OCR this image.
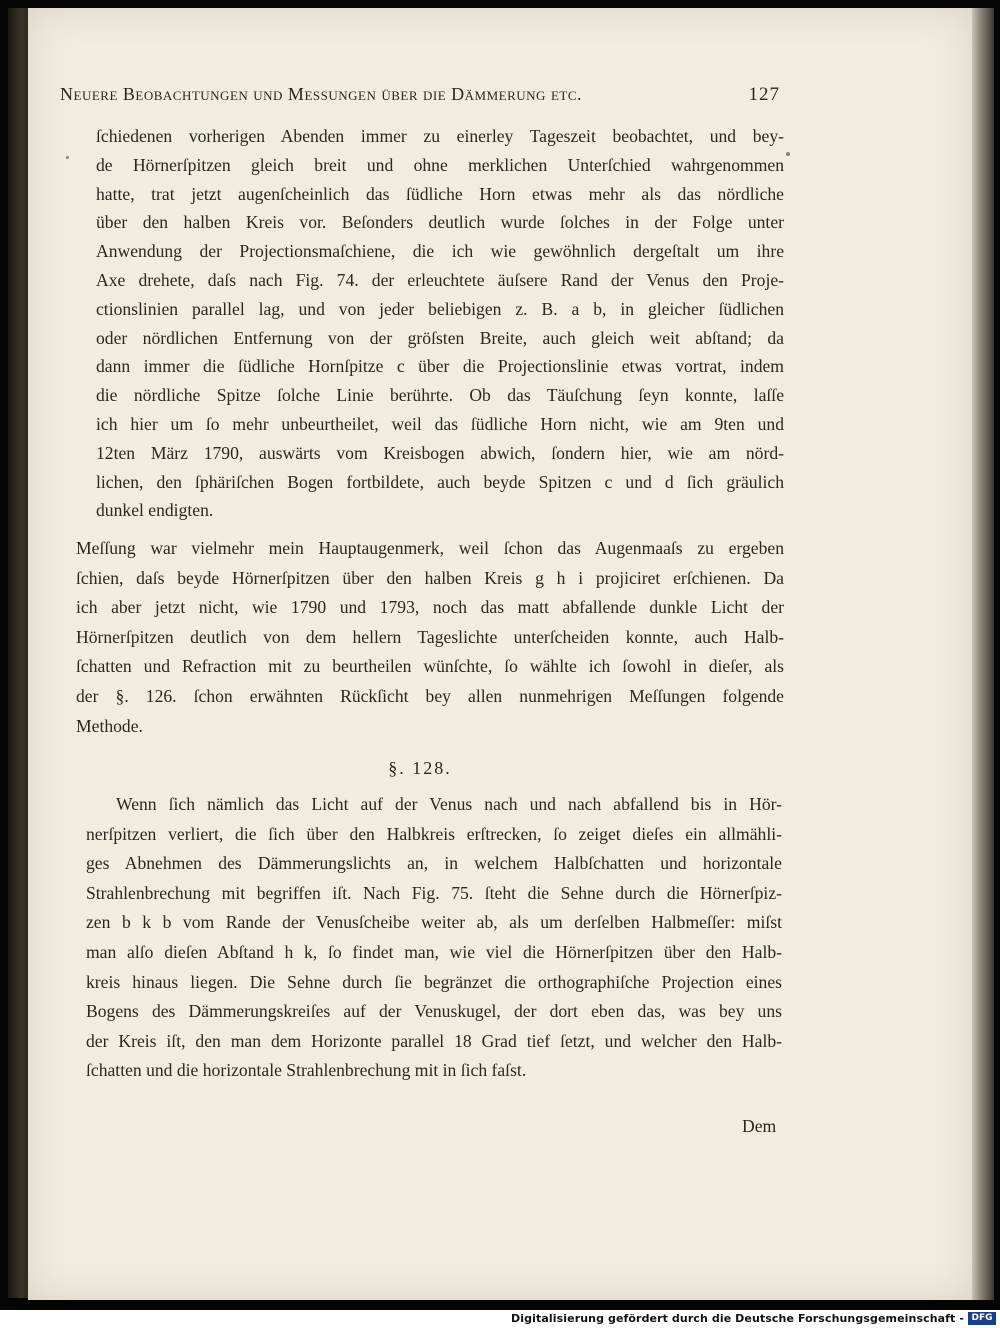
Neuere Beobachtungen und Messungen über die Dämmerung etc.	127
ſchiedenen vorherigen Abenden immer zu einerley Tageszeit beobachtet, und bey-
de Hörnerſpitzen gleich breit und ohne merklichen Unterſchied wahrgenommen
hatte, trat jetzt augenſcheinlich das ſüdliche Horn etwas mehr als das nördliche
über den halben Kreis vor. Beſonders deutlich wurde ſolches in der Folge unter
Anwendung der Projectionsmaſchiene, die ich wie gewöhnlich dergeſtalt um ihre
Axe drehete, daſs nach Fig. 74. der erleuchtete äuſsere Rand der Venus den Proje-
ctionslinien parallel lag, und von jeder beliebigen z. B. a b, in gleicher ſüdlichen
oder nördlichen Entfernung von der gröſsten Breite, auch gleich weit abſtand; da
dann immer die ſüdliche Hornſpitze c über die Projectionslinie etwas vortrat, indem
die nördliche Spitze ſolche Linie berührte. Ob das Täuſchung ſeyn konnte, laſſe
ich hier um ſo mehr unbeurtheilet, weil das ſüdliche Horn nicht, wie am 9ten und
12ten März 1790, auswärts vom Kreisbogen abwich, ſondern hier, wie am nörd-
lichen, den ſphäriſchen Bogen fortbildete, auch beyde Spitzen c und d ſich gräulich
dunkel endigten.
Meſſung war vielmehr mein Hauptaugenmerk, weil ſchon das Augenmaaſs zu ergeben
ſchien, daſs beyde Hörnerſpitzen über den halben Kreis g h i projiciret erſchienen. Da
ich aber jetzt nicht, wie 1790 und 1793, noch das matt abfallende dunkle Licht der
Hörnerſpitzen deutlich von dem hellern Tageslichte unterſcheiden konnte, auch Halb-
ſchatten und Refraction mit zu beurtheilen wünſchte, ſo wählte ich ſowohl in dieſer, als
der §. 126. ſchon erwähnten Rückſicht bey allen nunmehrigen Meſſungen folgende
Methode.
§. 128.
Wenn ſich nämlich das Licht auf der Venus nach und nach abfallend bis in Hör-
nerſpitzen verliert, die ſich über den Halbkreis erſtrecken, ſo zeiget dieſes ein allmähli-
ges Abnehmen des Dämmerungslichts an, in welchem Halbſchatten und horizontale
Strahlenbrechung mit begriffen iſt. Nach Fig. 75. ſteht die Sehne durch die Hörnerſpiz-
zen b k b vom Rande der Venusſcheibe weiter ab, als um derſelben Halbmeſſer: miſst
man alſo dieſen Abſtand h k, ſo findet man, wie viel die Hörnerſpitzen über den Halb-
kreis hinaus liegen. Die Sehne durch ſie begränzet die orthographiſche Projection eines
Bogens des Dämmerungskreiſes auf der Venuskugel, der dort eben das, was bey uns
der Kreis iſt, den man dem Horizonte parallel 18 Grad tief ſetzt, und welcher den Halb-
ſchatten und die horizontale Strahlenbrechung mit in ſich faſst.
Dem
Digitalisierung gefördert durch die Deutsche Forschungsgemeinschaft - DFG
